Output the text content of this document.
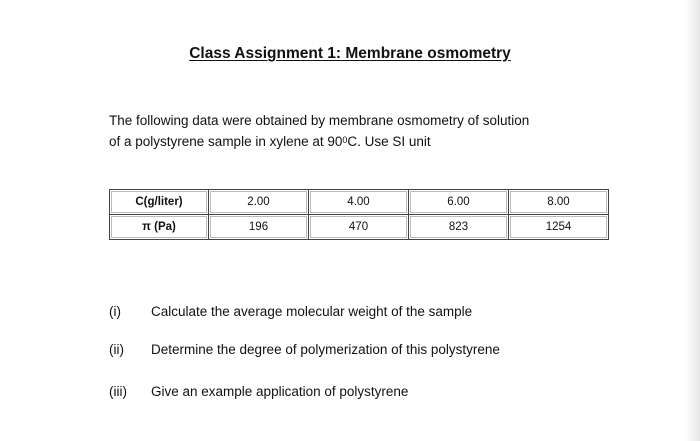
Class Assignment 1: Membrane osmometry
The following data were obtained by membrane osmometry of solution
of a polystyrene sample in xylene at $90^0C$. Use SI unit
C(g/liter)	2.00	4.00	6.00	8.00
π (Pa)	196	470	823	1254
(i) Calculate the average molecular weight of the sample
(ii) Determine the degree of polymerization of this polystyrene
(iii) Give an example application of polystyrene
